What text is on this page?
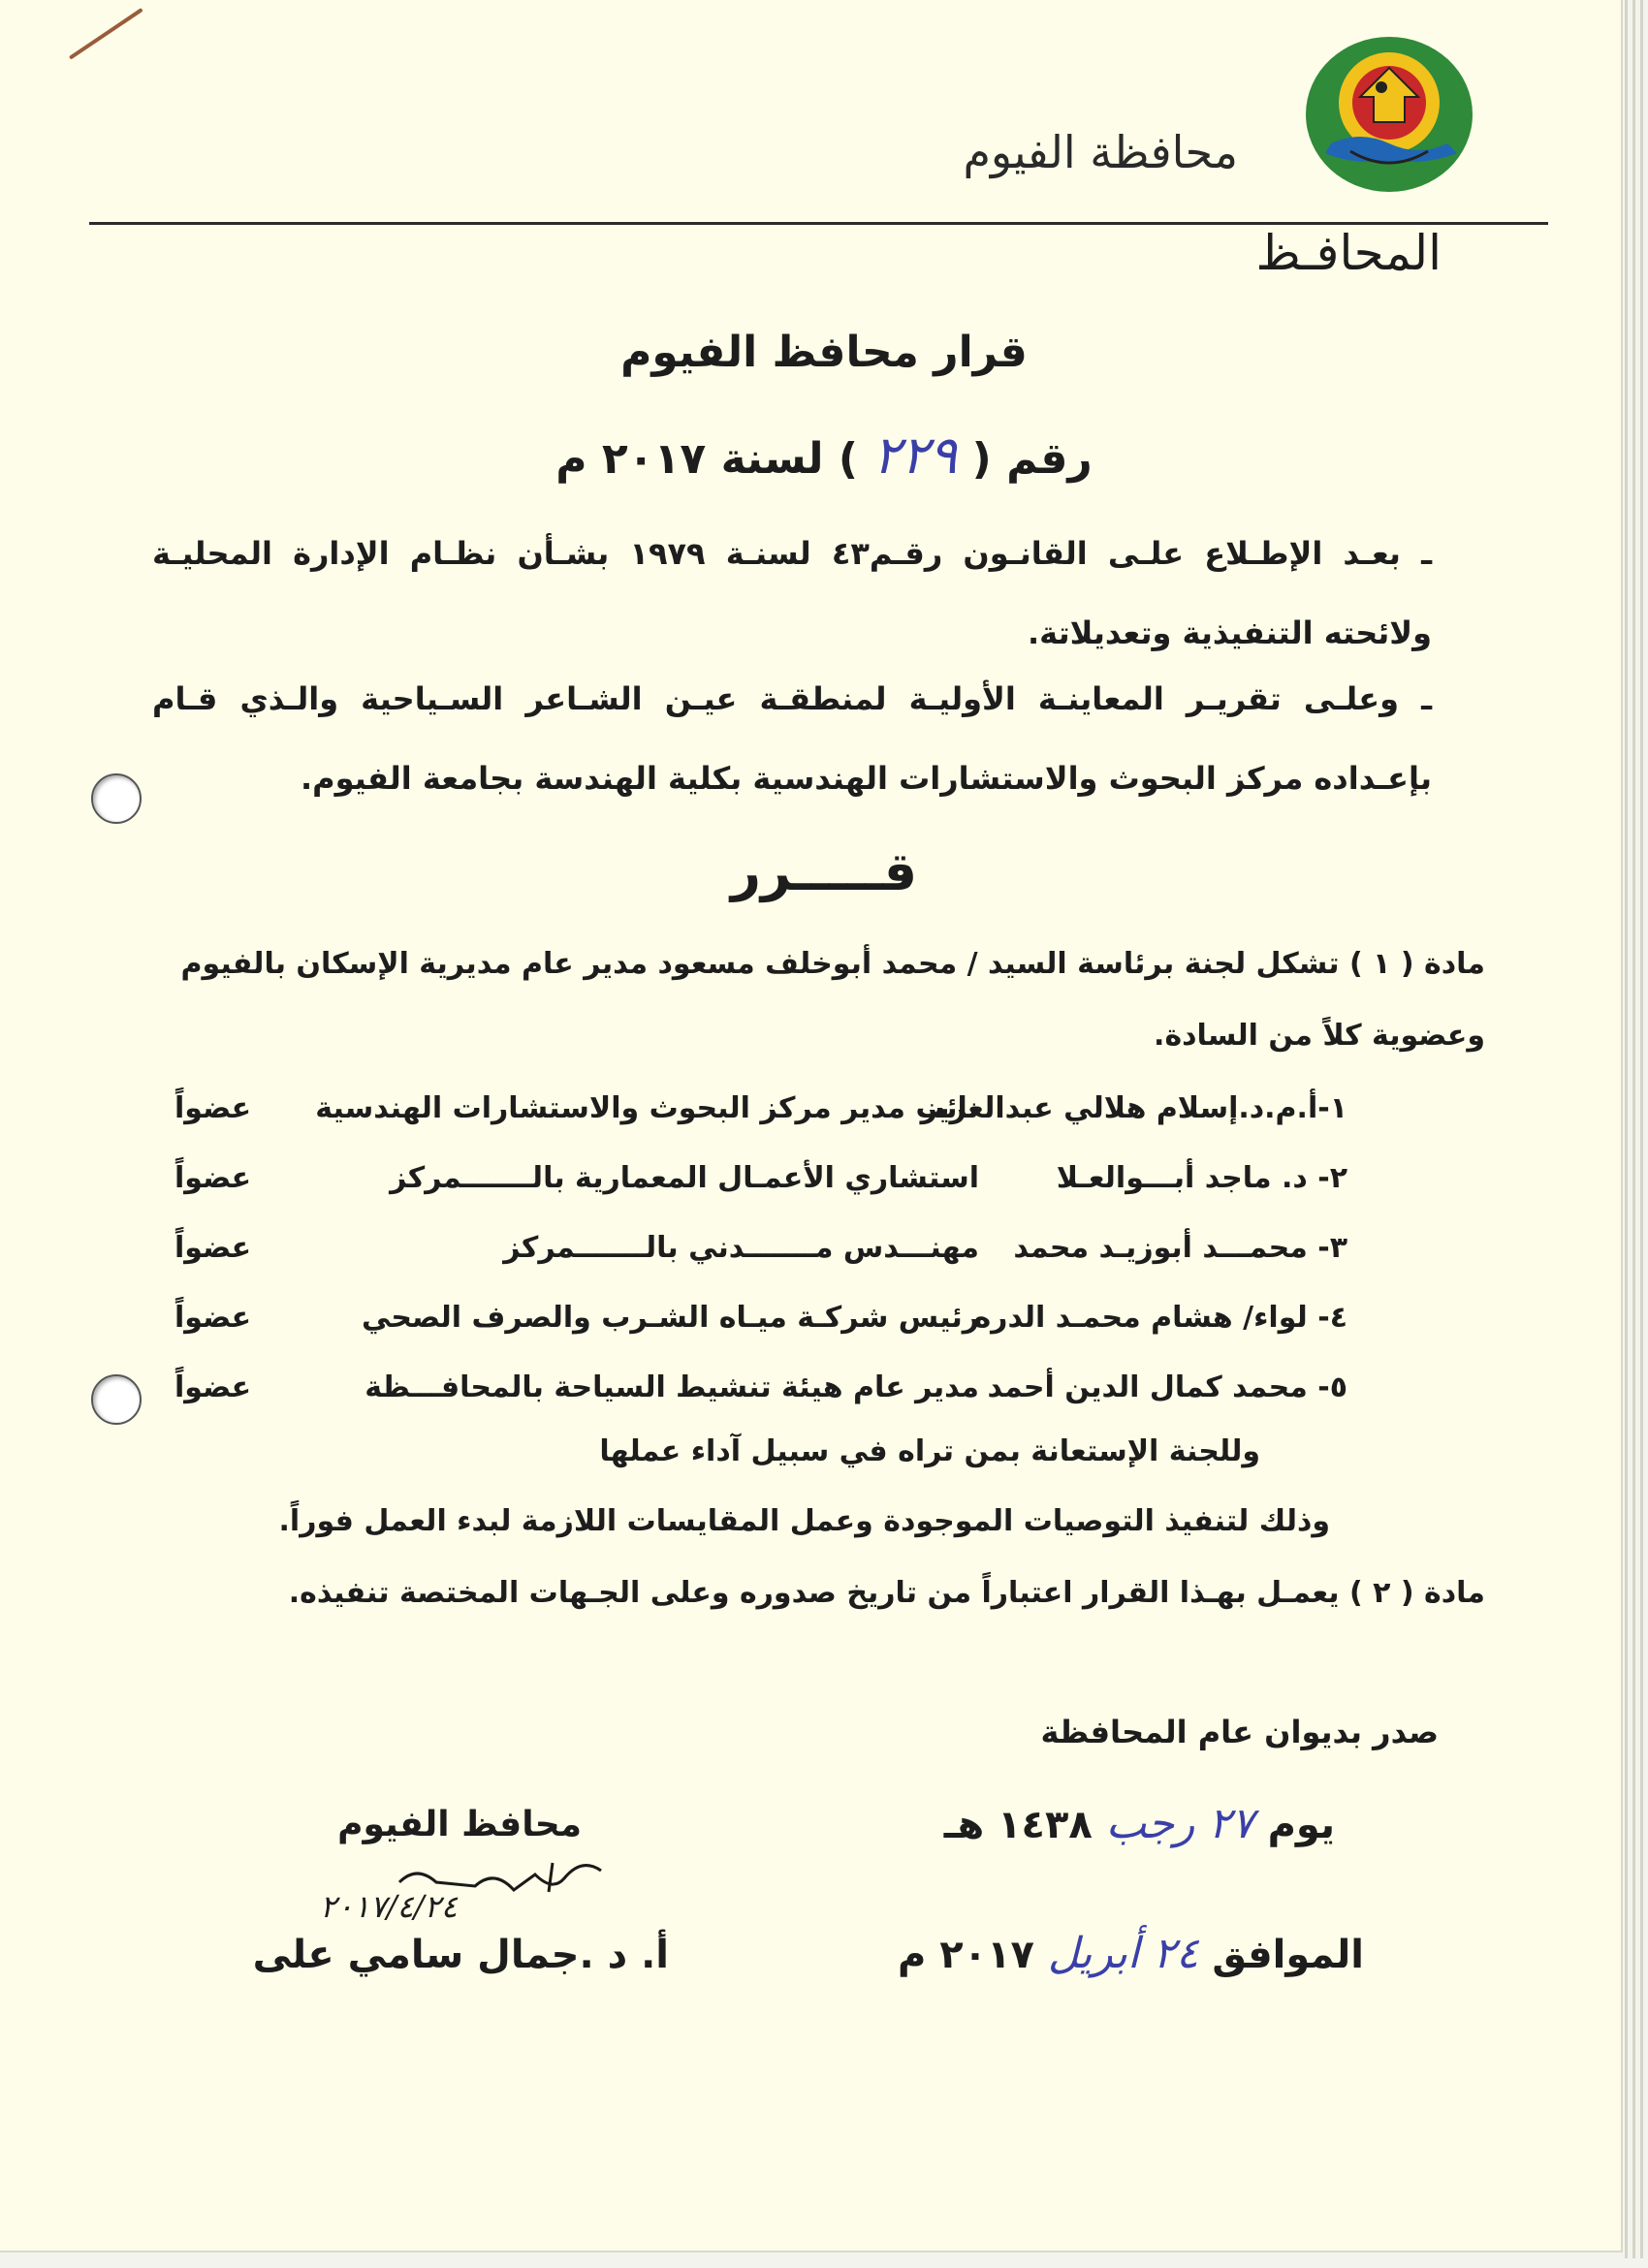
محافظة الفيوم
المحافـظ
قرار محافظ الفيوم
رقم ( ٢٢٩ ) لسنة ٢٠١٧ م
ـ بعـد الإطـلاع علـى القانـون رقـم٤٣ لسنـة ١٩٧٩ بشـأن نظـام الإدارة المحليـة ولائحته التنفيذية وتعديلاتة.
ـ وعلـى تقريـر المعاينـة الأوليـة لمنطقـة عيـن الشـاعر السـياحية والـذي قـام بإعـداده مركز البحوث والاستشارات الهندسية بكلية الهندسة بجامعة الفيوم.
قـــــرر
مادة ( ١ ) تشكل لجنة برئاسة السيد / محمد أبوخلف مسعود مدير عام مديرية الإسكان بالفيوم وعضوية كلاً من السادة.
١-أ.م.د.إسلام هلالي عبدالعزيز
نائب مدير مركز البحوث والاستشارات الهندسية
عضواً
٢- د. ماجد أبـــوالعـلا
استشاري الأعمـال المعمارية بالـــــــمركز
عضواً
٣- محمـــد أبوزيـد محمد
مهنـــدس مـــــــدني بالـــــــمركز
عضواً
٤- لواء/ هشام محمـد الدره
رئيس شركـة ميـاه الشـرب والصرف الصحي
عضواً
٥- محمد كمال الدين أحمد
مدير عام هيئة تنشيط السياحة بالمحافـــظة
عضواً
وللجنة الإستعانة بمن تراه في سبيل آداء عملها
وذلك لتنفيذ التوصيات الموجودة وعمل المقايسات اللازمة لبدء العمل فوراً.
مادة ( ٢ ) يعمـل بهـذا القرار اعتباراً من تاريخ صدوره وعلى الجـهات المختصة تنفيذه.
صدر بديوان عام المحافظة
يوم ٢٧ رجب ١٤٣٨ هـ
الموافق ٢٤ أبريل ٢٠١٧ م
محافظ الفيوم
٢٠١٧/٤/٢٤
أ. د .جمال سامي على
